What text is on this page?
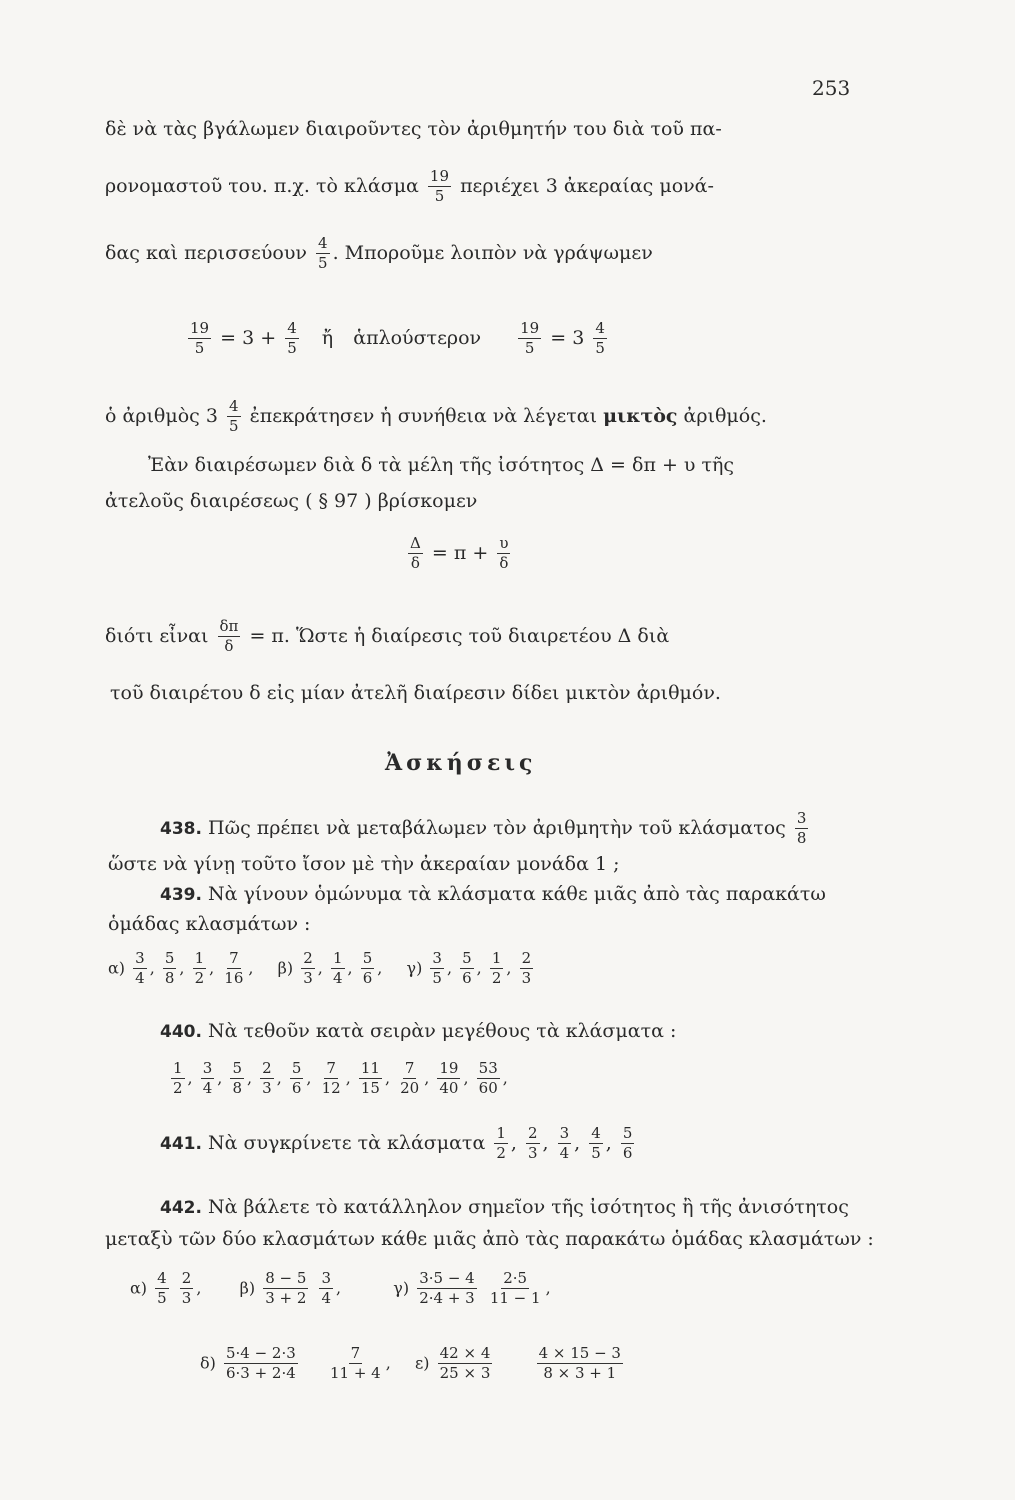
253
δὲ νὰ τὰς βγάλωμεν διαιροῦντες τὸν ἀριθμητήν του διὰ τοῦ πα-
ρονομαστοῦ του. π.χ. τὸ κλάσμα $\frac{19}{5}$ περιέχει 3 ἀκεραίας μονά-
δας καὶ περισσεύουν $\frac{4}{5}$ . Μποροῦμε λοιπὸν νὰ γράψωμεν
$\frac{19}{5} = 3 + \frac{4}{5}$ ἤ ἁπλούστερον $\frac{19}{5} = 3 \frac{4}{5}$
ὁ ἀριθμὸς $3 \frac{4}{5}$ ἐπεκράτησεν ἡ συνήθεια νὰ λέγεται μικτὸς ἀριθμός.
Ἐὰν διαιρέσωμεν διὰ δ τὰ μέλη τῆς ἰσότητος Δ = δπ + υ τῆς
ἀτελοῦς διαιρέσεως ( § 97 ) βρίσκομεν
$\frac{\Delta}{\delta} = \pi + \frac{\upsilon}{\delta}$
διότι εἶναι $\frac{\delta\pi}{\delta} = \pi$. Ὥστε ἡ διαίρεσις τοῦ διαιρετέου Δ διὰ
τοῦ διαιρέτου δ εἰς μίαν ἀτελῆ διαίρεσιν δίδει μικτὸν ἀριθμόν.
Ἀσκήσεις
438. Πῶς πρέπει νὰ μεταβάλωμεν τὸν ἀριθμητὴν τοῦ κλάσματος $\frac{3}{8}$
ὥστε νὰ γίνῃ τοῦτο ἴσον μὲ τὴν ἀκεραίαν μονάδα 1 ;
439. Νὰ γίνουν ὁμώνυμα τὰ κλάσματα κάθε μιᾶς ἀπὸ τὰς παρακάτω
ὁμάδας κλασμάτων :
$\alpha) \frac{3}{4}$ , $\frac{5}{8}$ , $\frac{1}{2}$ , $\frac{7}{16}$ ,  $\beta) \frac{2}{3}$ , $\frac{1}{4}$ , $\frac{5}{6}$ ,  $\gamma) \frac{3}{5}$ , $\frac{5}{6}$ , $\frac{1}{2}$ , $\frac{2}{3}$
440. Νὰ τεθοῦν κατὰ σειρὰν μεγέθους τὰ κλάσματα :
$\frac{1}{2}$ , $\frac{3}{4}$ , $\frac{5}{8}$ , $\frac{2}{3}$ , $\frac{5}{6}$ , $\frac{7}{12}$ , $\frac{11}{15}$ , $\frac{7}{20}$ , $\frac{19}{40}$ , $\frac{53}{60}$ ,
441. Νὰ συγκρίνετε τὰ κλάσματα $\frac{1}{2}$ , $\frac{2}{3}$ , $\frac{3}{4}$ , $\frac{4}{5}$ , $\frac{5}{6}$
442. Νὰ βάλετε τὸ κατάλληλον σημεῖον τῆς ἰσότητος ἢ τῆς ἀνισότητος
μεταξὺ τῶν δύο κλασμάτων κάθε μιᾶς ἀπὸ τὰς παρακάτω ὁμάδας κλασμάτων :
$\alpha) \frac{4}{5}$
$\frac{2}{3}$ ,  $\beta) \frac{8 - 5}{3 + 2}$
$\frac{3}{4}$ ,	$\gamma) \frac{3\cdot 5 - 4}{2\cdot 4 + 3}$
$\frac{2\cdot 5}{11 - 1}$ ,
$\delta) \frac{5\cdot 4 - 2\cdot 3}{6\cdot 3 + 2\cdot 4}$
$\frac{7}{11 + 4}$ ,  $\varepsilon) \frac{42 \times 4}{25 \times 3}$
	$\frac{4 \times 15 - 3}{8 \times 3 + 1}$
